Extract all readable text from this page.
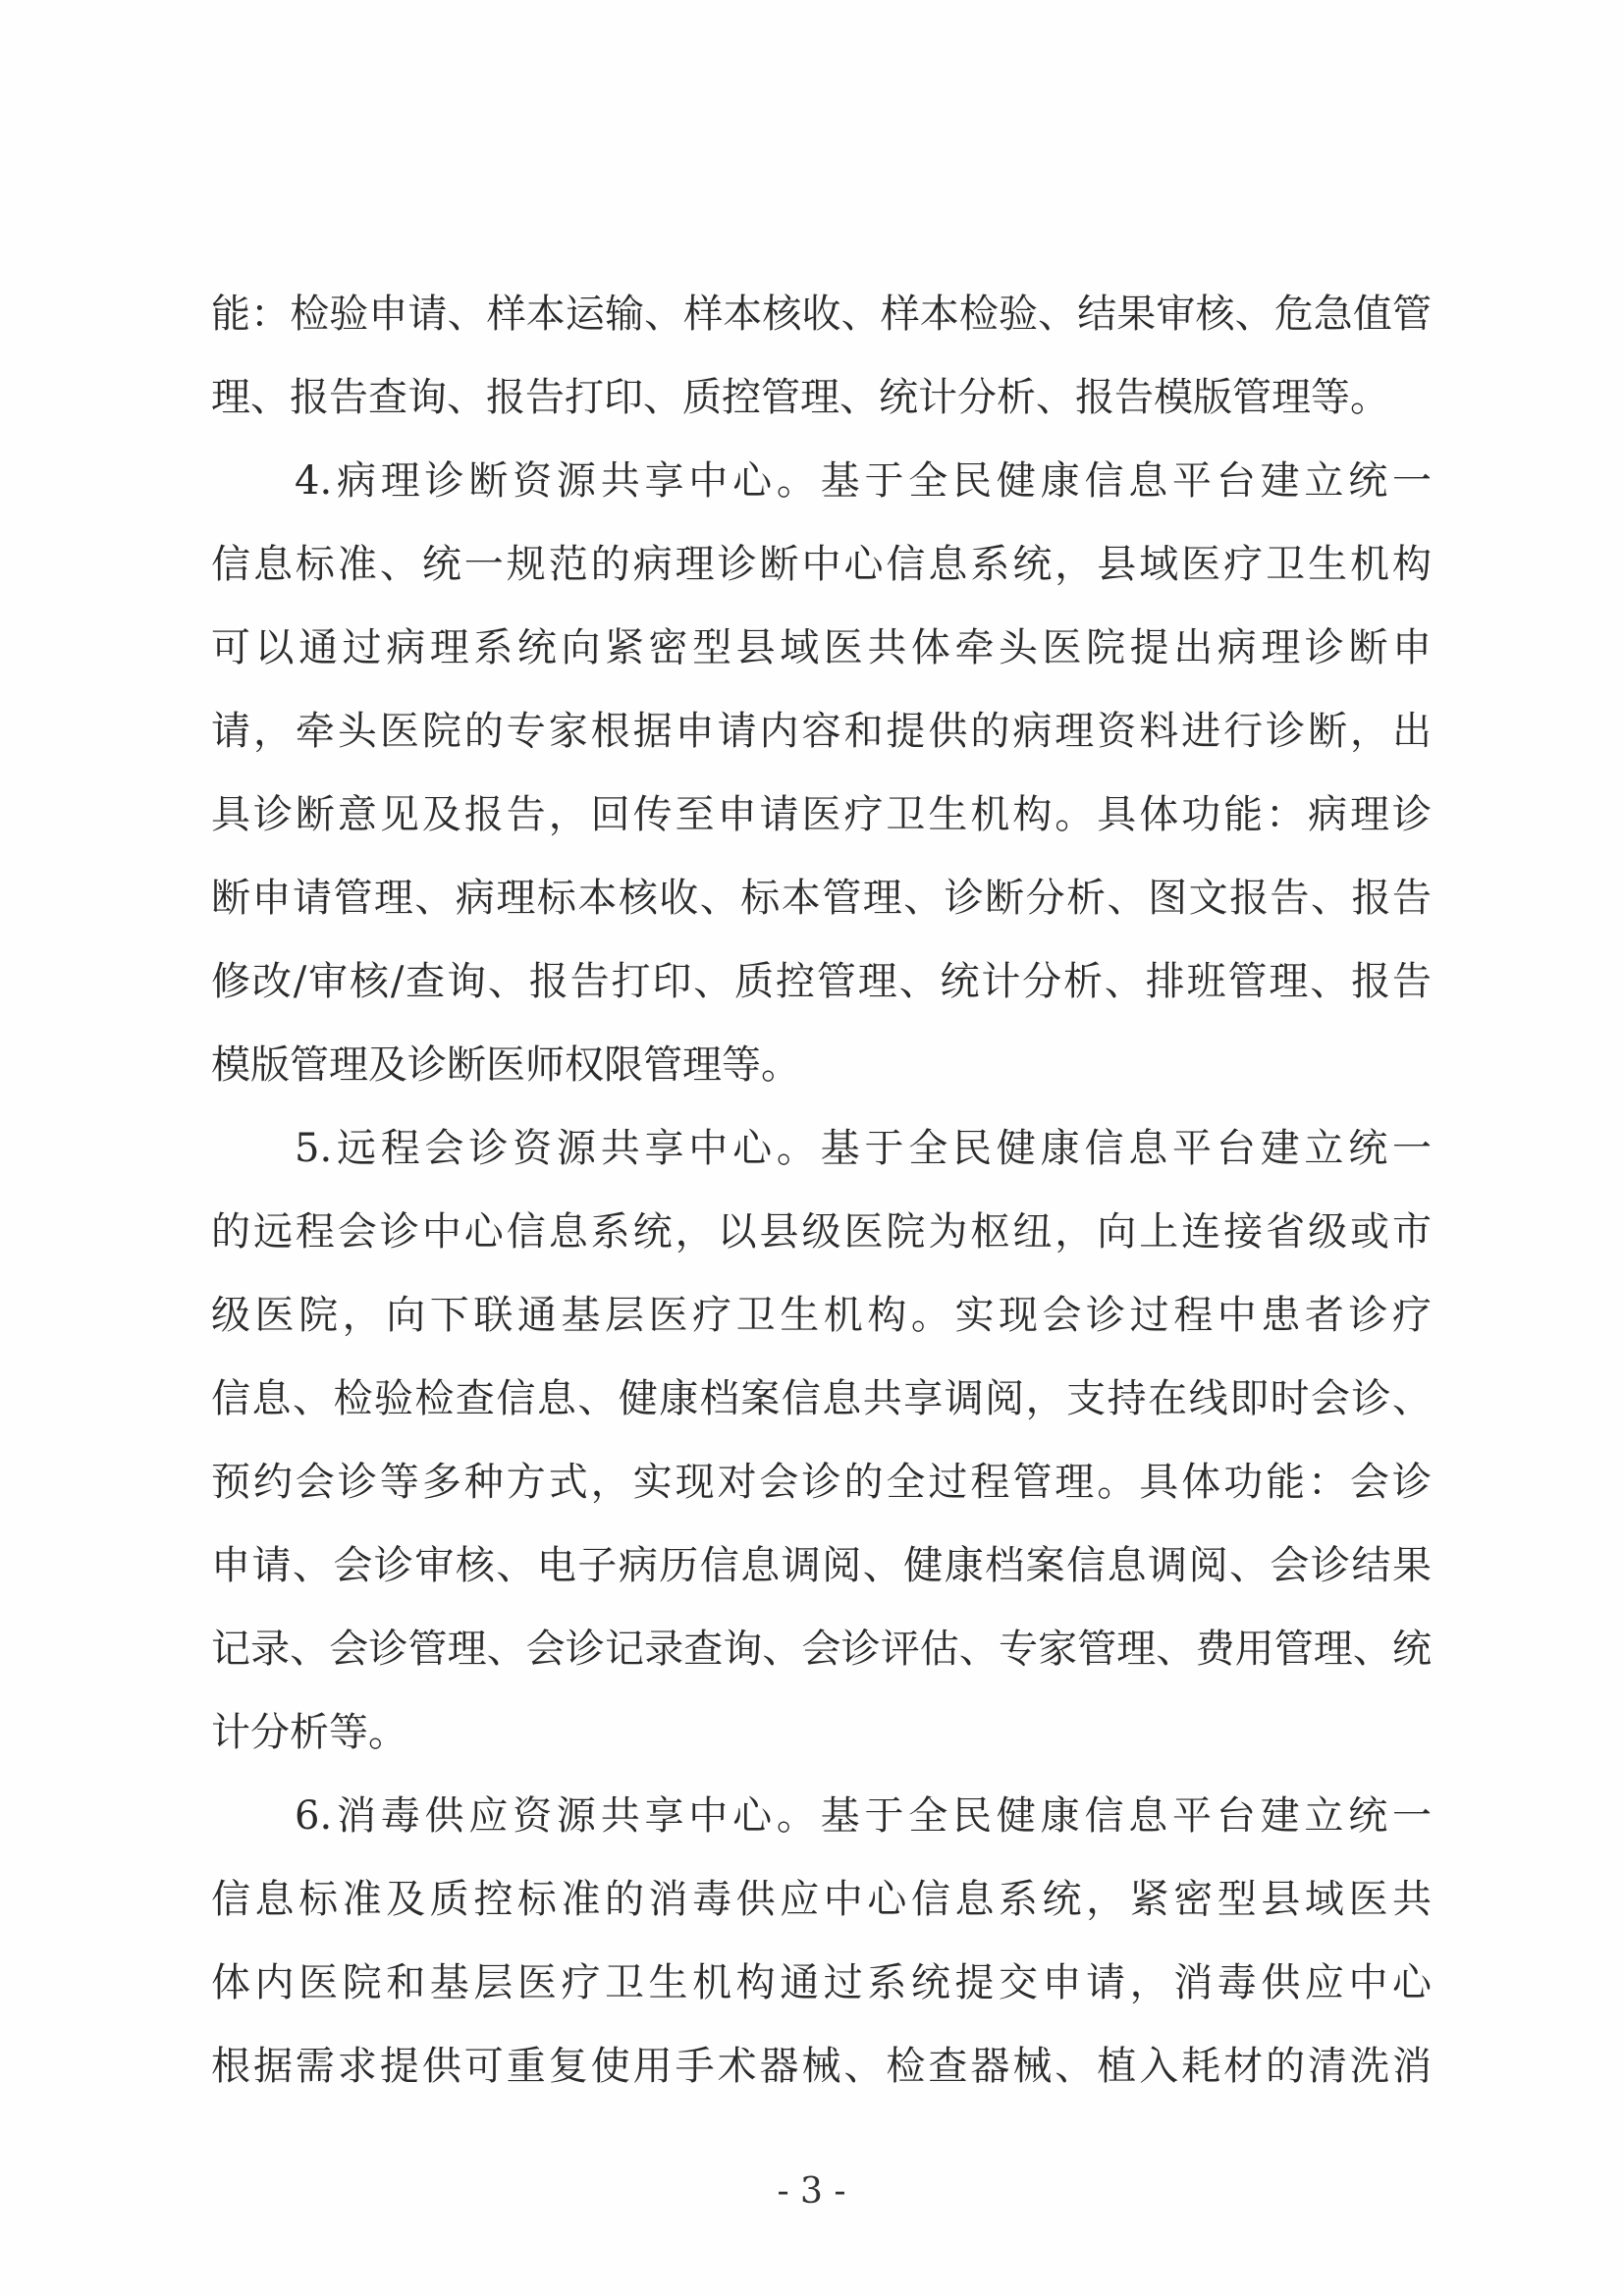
能：检验申请、样本运输、样本核收、样本检验、结果审核、危急值管
理、报告查询、报告打印、质控管理、统计分析、报告模版管理等。
4.病理诊断资源共享中心。基于全民健康信息平台建立统一
信息标准、统一规范的病理诊断中心信息系统，县域医疗卫生机构
可以通过病理系统向紧密型县域医共体牵头医院提出病理诊断申
请，牵头医院的专家根据申请内容和提供的病理资料进行诊断，出
具诊断意见及报告，回传至申请医疗卫生机构。具体功能：病理诊
断申请管理、病理标本核收、标本管理、诊断分析、图文报告、报告
修改/审核/查询、报告打印、质控管理、统计分析、排班管理、报告
模版管理及诊断医师权限管理等。
5.远程会诊资源共享中心。基于全民健康信息平台建立统一
的远程会诊中心信息系统，以县级医院为枢纽，向上连接省级或市
级医院，向下联通基层医疗卫生机构。实现会诊过程中患者诊疗
信息、检验检查信息、健康档案信息共享调阅，支持在线即时会诊、
预约会诊等多种方式，实现对会诊的全过程管理。具体功能：会诊
申请、会诊审核、电子病历信息调阅、健康档案信息调阅、会诊结果
记录、会诊管理、会诊记录查询、会诊评估、专家管理、费用管理、统
计分析等。
6.消毒供应资源共享中心。基于全民健康信息平台建立统一
信息标准及质控标准的消毒供应中心信息系统，紧密型县域医共
体内医院和基层医疗卫生机构通过系统提交申请，消毒供应中心
根据需求提供可重复使用手术器械、检查器械、植入耗材的清洗消
- 3 -
